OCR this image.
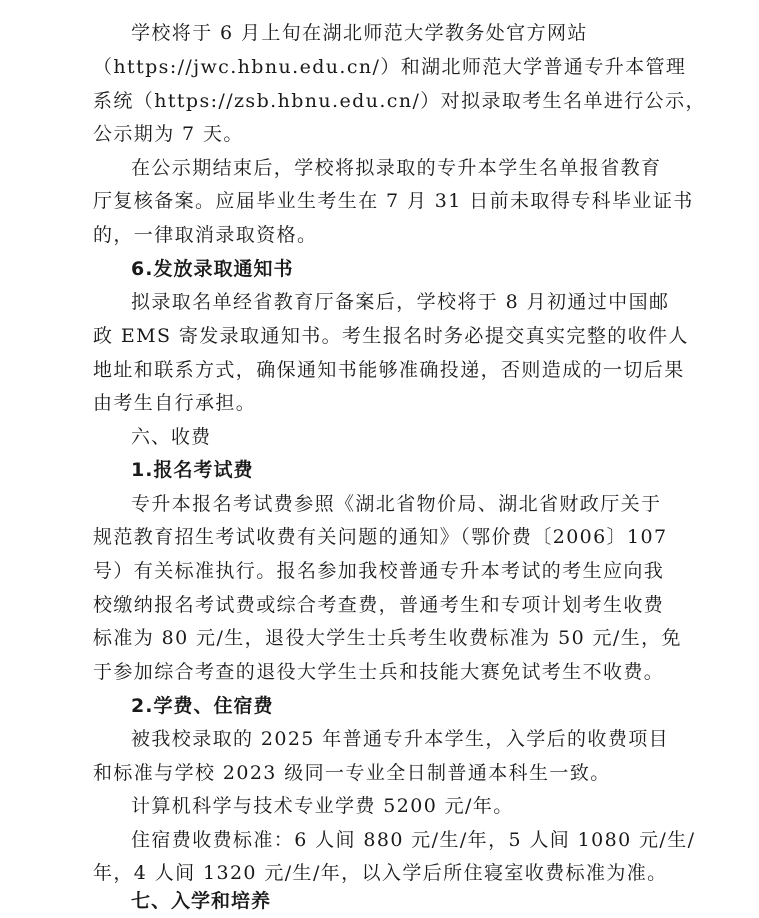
学校将于 6 月上旬在湖北师范大学教务处官方网站
（https://jwc.hbnu.edu.cn/）和湖北师范大学普通专升本管理
系统（https://zsb.hbnu.edu.cn/）对拟录取考生名单进行公示，
公示期为 7 天。
在公示期结束后，学校将拟录取的专升本学生名单报省教育
厅复核备案。应届毕业生考生在 7 月 31 日前未取得专科毕业证书
的，一律取消录取资格。
6.发放录取通知书
拟录取名单经省教育厅备案后，学校将于 8 月初通过中国邮
政 EMS 寄发录取通知书。考生报名时务必提交真实完整的收件人
地址和联系方式，确保通知书能够准确投递，否则造成的一切后果
由考生自行承担。
六、收费
1.报名考试费
专升本报名考试费参照《湖北省物价局、湖北省财政厅关于
规范教育招生考试收费有关问题的通知》（鄂价费〔2006〕107
号）有关标准执行。报名参加我校普通专升本考试的考生应向我
校缴纳报名考试费或综合考查费，普通考生和专项计划考生收费
标准为 80 元/生，退役大学生士兵考生收费标准为 50 元/生，免
于参加综合考查的退役大学生士兵和技能大赛免试考生不收费。
2.学费、住宿费
被我校录取的 2025 年普通专升本学生，入学后的收费项目
和标准与学校 2023 级同一专业全日制普通本科生一致。
计算机科学与技术专业学费 5200 元/年。
住宿费收费标准：6 人间 880 元/生/年，5 人间 1080 元/生/
年，4 人间 1320 元/生/年，以入学后所住寝室收费标准为准。
七、入学和培养
